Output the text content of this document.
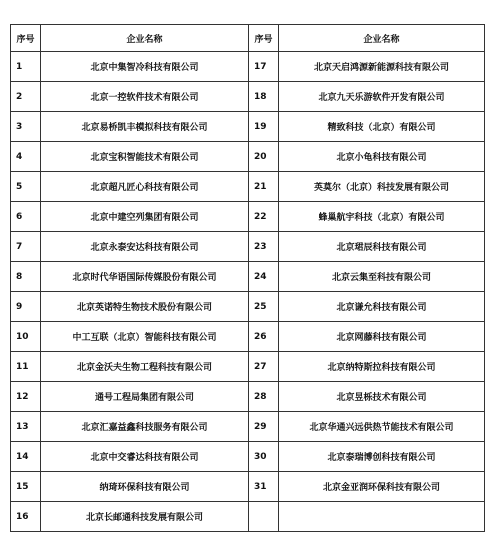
序号	企业名称	序号	企业名称
1	北京中集智冷科技有限公司	17	北京天启鸿源新能源科技有限公司
2	北京一控软件技术有限公司	18	北京九天乐游软件开发有限公司
3	北京易桥凯丰模拟科技有限公司	19	精致科技（北京）有限公司
4	北京宝积智能技术有限公司	20	北京小龟科技有限公司
5	北京超凡匠心科技有限公司	21	英莫尔（北京）科技发展有限公司
6	北京中建空列集团有限公司	22	蜂巢航宇科技（北京）有限公司
7	北京永泰安达科技有限公司	23	北京珺辰科技有限公司
8	北京时代华语国际传媒股份有限公司	24	北京云集至科技有限公司
9	北京英诺特生物技术股份有限公司	25	北京谦允科技有限公司
10	中工互联（北京）智能科技有限公司	26	北京网藤科技有限公司
11	北京金沃夫生物工程科技有限公司	27	北京纳特斯拉科技有限公司
12	通号工程局集团有限公司	28	北京昱栎技术有限公司
13	北京汇嘉益鑫科技服务有限公司	29	北京华通兴远供热节能技术有限公司
14	北京中交睿达科技有限公司	30	北京泰瑞博创科技有限公司
15	纳琦环保科技有限公司	31	北京金亚润环保科技有限公司
16	北京长邮通科技发展有限公司		
